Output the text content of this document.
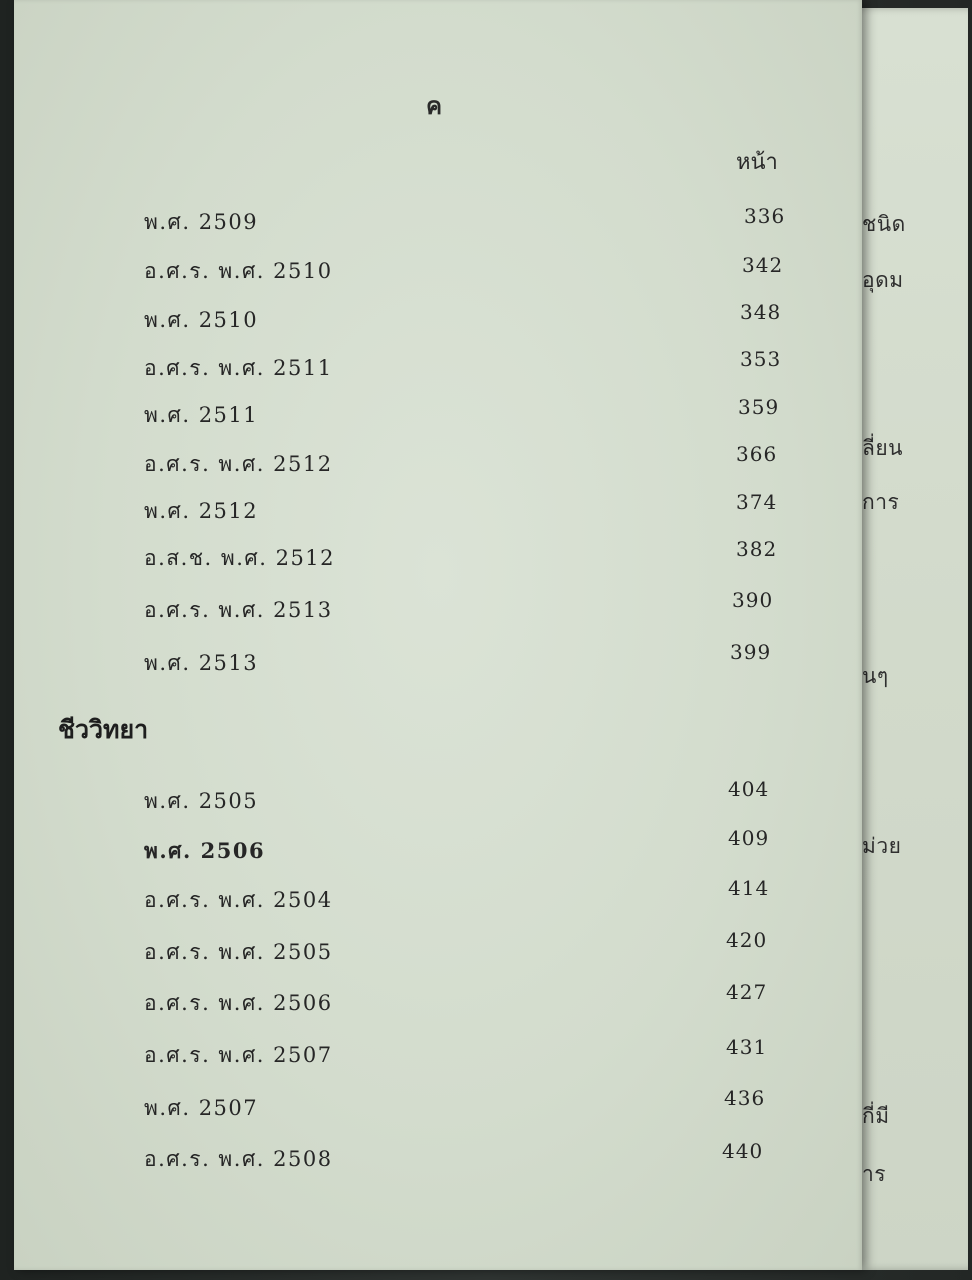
ชนิด
อุดม
ลี่ยน
การ
นๆ
ม่วย
กี่มี
าร
ค
หน้า
พ.ศ. 2509	336
อ.ศ.ร. พ.ศ. 2510	342
พ.ศ. 2510	348
อ.ศ.ร. พ.ศ. 2511	353
พ.ศ. 2511	359
อ.ศ.ร. พ.ศ. 2512	366
พ.ศ. 2512	374
อ.ส.ช. พ.ศ. 2512	382
อ.ศ.ร. พ.ศ. 2513	390
พ.ศ. 2513	399
ชีววิทยา
พ.ศ. 2505	404
พ.ศ. 2506	409
อ.ศ.ร. พ.ศ. 2504	414
อ.ศ.ร. พ.ศ. 2505	420
อ.ศ.ร. พ.ศ. 2506	427
อ.ศ.ร. พ.ศ. 2507	431
พ.ศ. 2507	436
อ.ศ.ร. พ.ศ. 2508	440
